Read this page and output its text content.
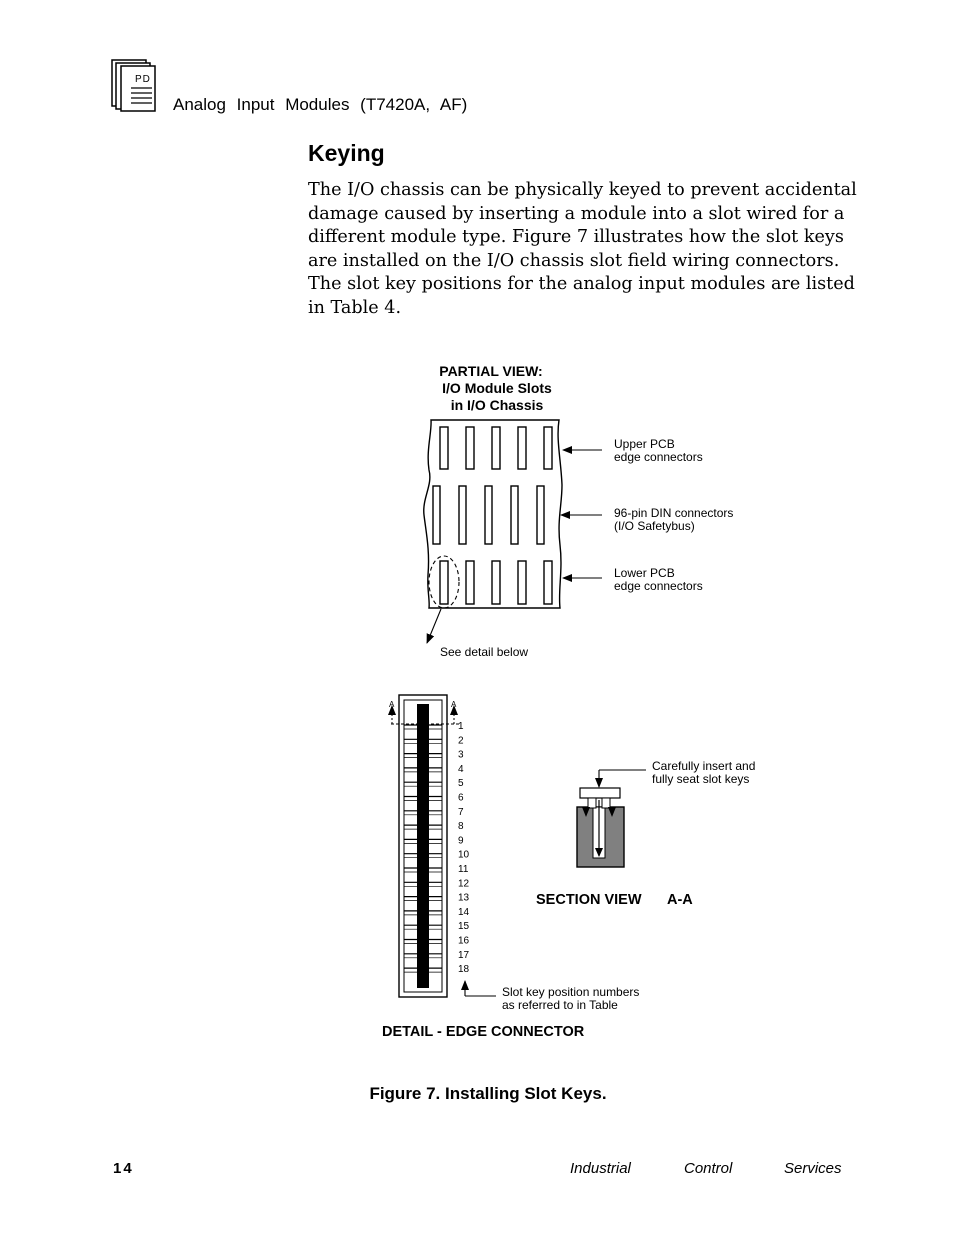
PD
Analog Input Modules (T7420A, AF)
Keying

The I/O chassis can be physically keyed to prevent accidental

damage caused by inserting a module into a slot wired for a

different module type. Figure 7 illustrates how the slot keys

are installed on the I/O chassis slot field wiring connectors.

The slot key positions for the analog input modules are listed

in Table 4.

PARTIAL VIEW:
I/O Module Slots
in I/O Chassis
See detail below
Upper PCB
edge connectors
96-pin DIN connectors
(I/O Safetybus)
Lower PCB
edge connectors
A	A
1
2
3
4
5
6
7
8
9
10
11
12
13
14
15
16
17
18
Slot key position numbers
as referred to in Table
DETAIL - EDGE CONNECTOR
Carefully insert and
fully seat slot keys
SECTION VIEW A-A
Figure 7. Installing Slot Keys.
14	Industrial	Control	Services
